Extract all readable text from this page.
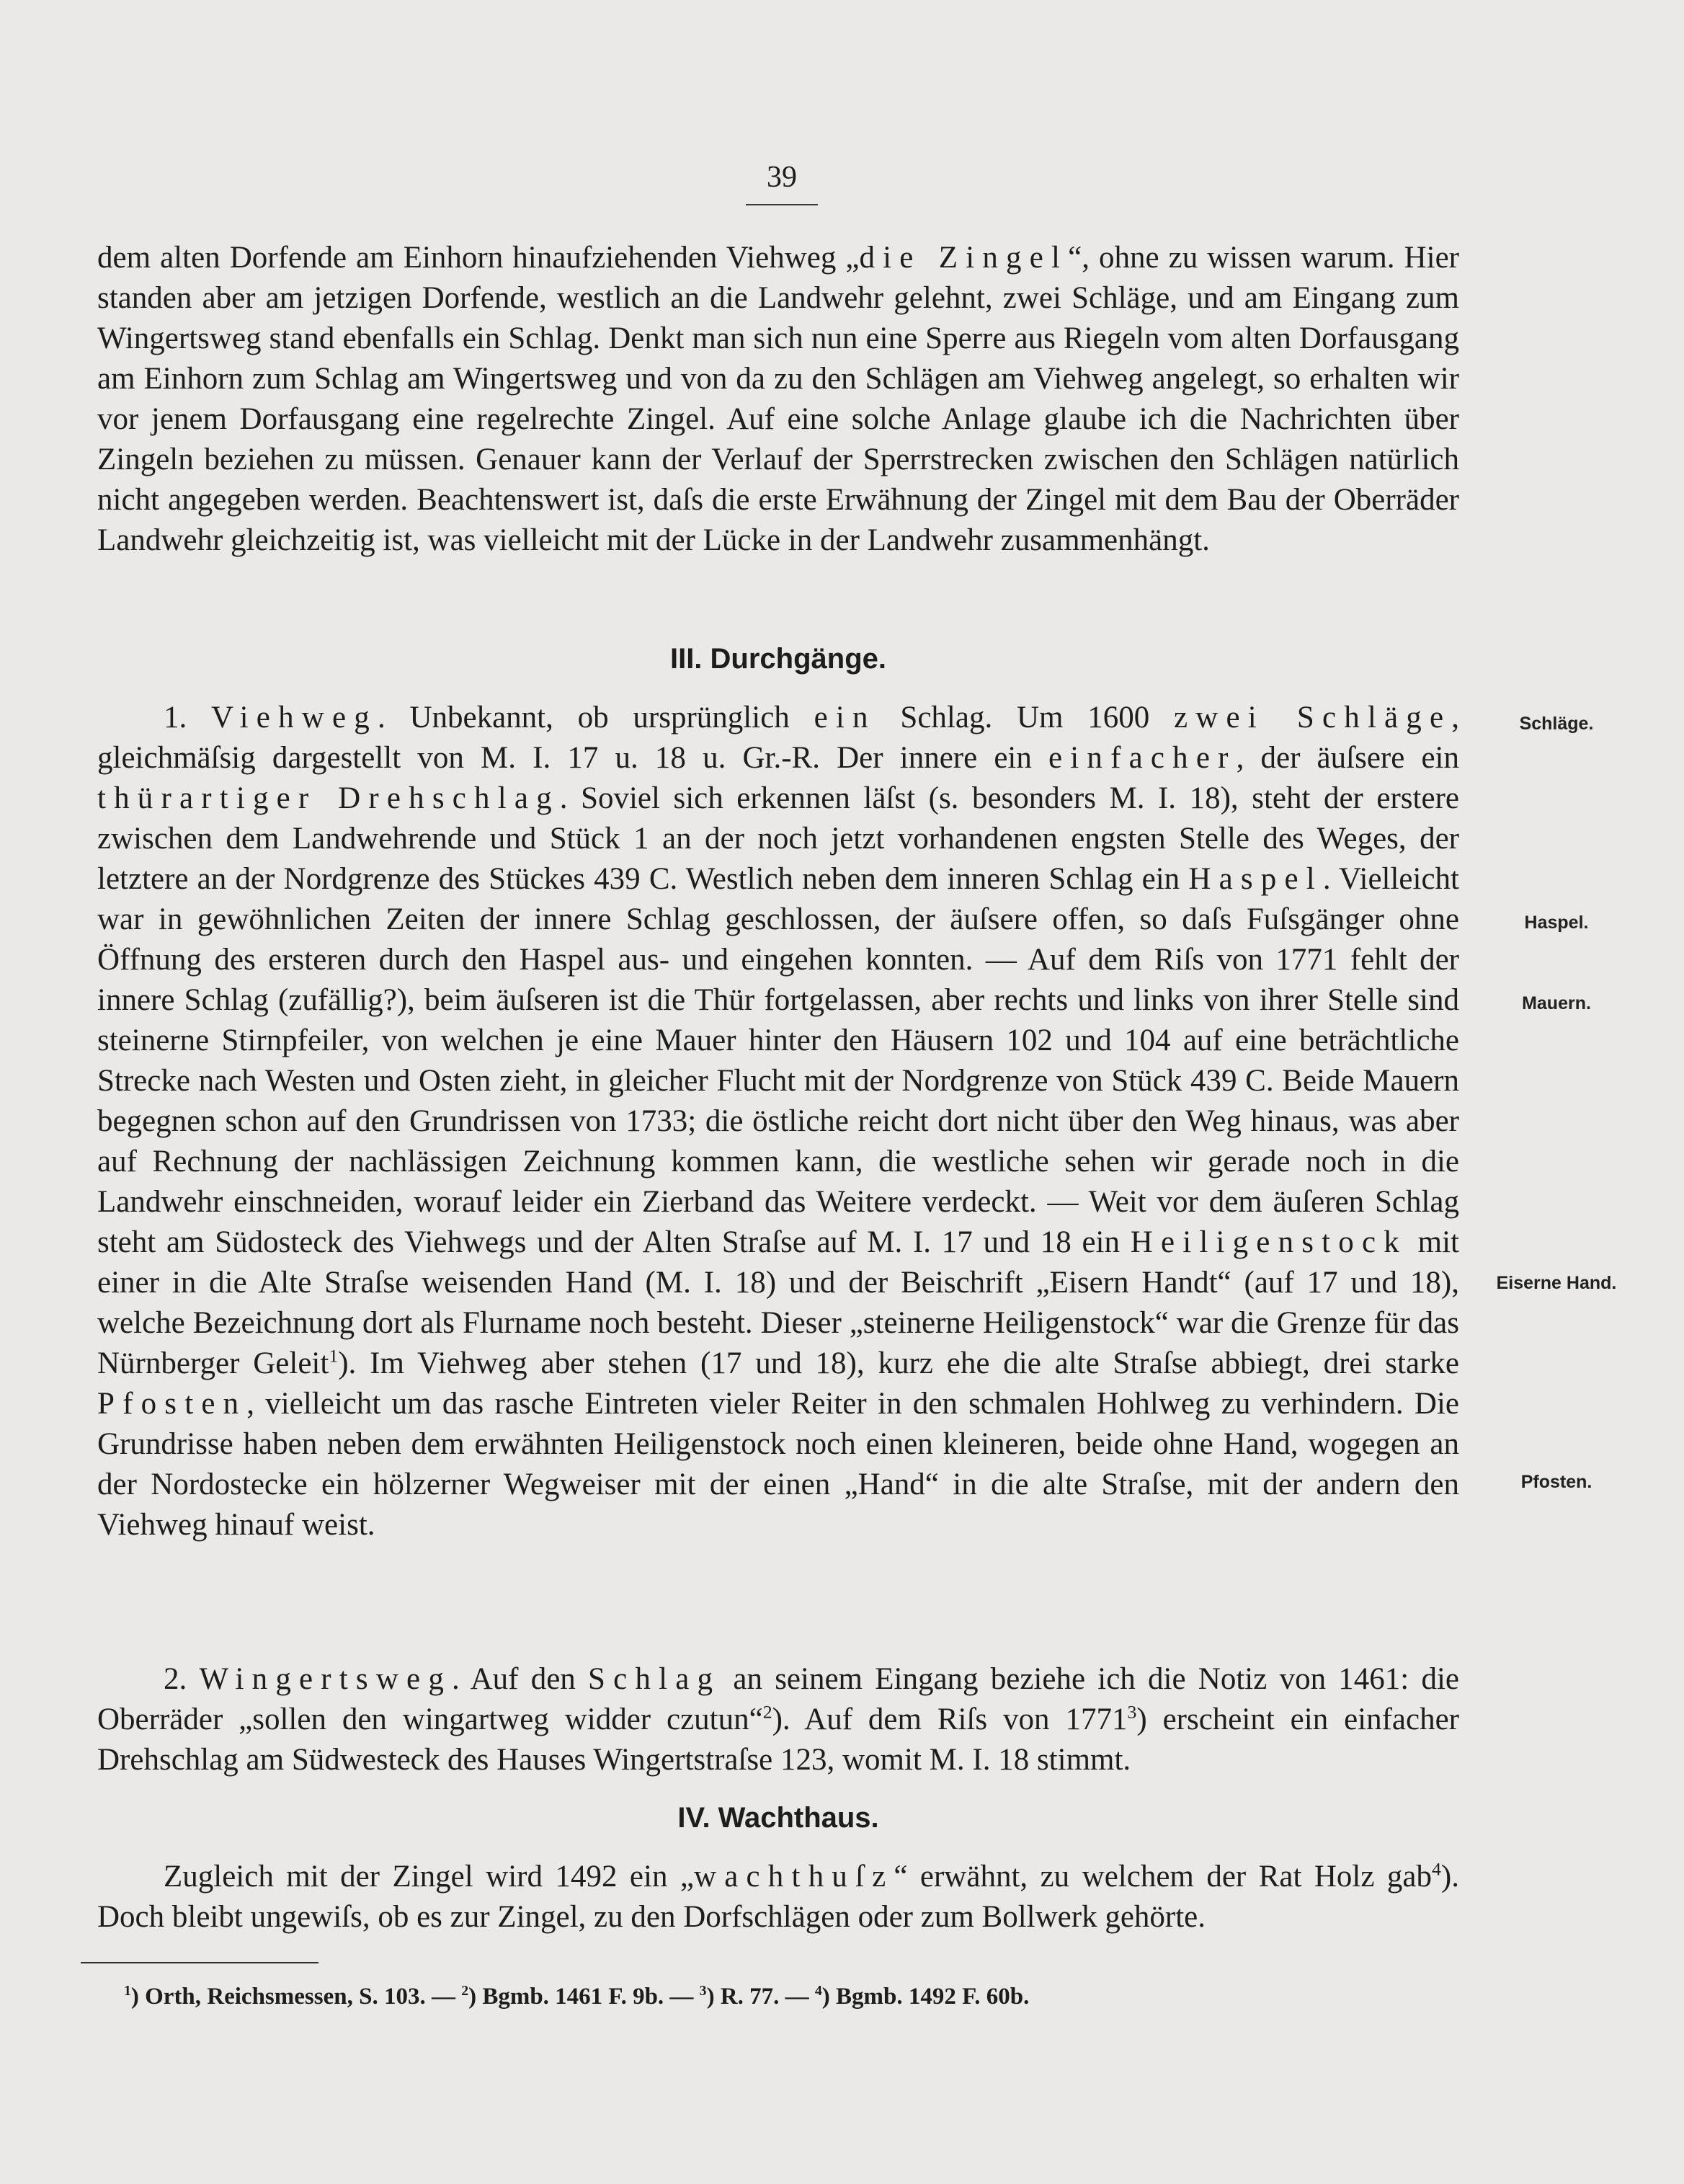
39

dem alten Dorfende am Einhorn hinaufziehenden Viehweg „die Zingel“, ohne zu wissen warum. Hier standen aber am jetzigen Dorfende, westlich an die Landwehr gelehnt, zwei Schläge, und am Eingang zum Wingertsweg stand ebenfalls ein Schlag. Denkt man sich nun eine Sperre aus Riegeln vom alten Dorfausgang am Einhorn zum Schlag am Wingertsweg und von da zu den Schlägen am Viehweg angelegt, so erhalten wir vor jenem Dorfausgang eine regelrechte Zingel. Auf eine solche Anlage glaube ich die Nachrichten über Zingeln beziehen zu müssen. Genauer kann der Verlauf der Sperrstrecken zwischen den Schlägen natürlich nicht angegeben werden. Beachtenswert ist, daſs die erste Erwähnung der Zingel mit dem Bau der Oberräder Landwehr gleichzeitig ist, was vielleicht mit der Lücke in der Landwehr zusammenhängt.

III. Durchgänge.

1. Viehweg. Unbekannt, ob ursprünglich ein Schlag. Um 1600 zwei Schläge, gleichmäſsig dargestellt von M. I. 17 u. 18 u. Gr.-R. Der innere ein einfacher, der äuſsere ein thürartiger Drehschlag. Soviel sich erkennen läſst (s. besonders M. I. 18), steht der erstere zwischen dem Landwehrende und Stück 1 an der noch jetzt vorhandenen engsten Stelle des Weges, der letztere an der Nordgrenze des Stückes 439 C. Westlich neben dem inneren Schlag ein Haspel. Vielleicht war in gewöhnlichen Zeiten der innere Schlag geschlossen, der äuſsere offen, so daſs Fuſsgänger ohne Öffnung des ersteren durch den Haspel aus- und eingehen konnten. — Auf dem Riſs von 1771 fehlt der innere Schlag (zufällig?), beim äuſseren ist die Thür fortgelassen, aber rechts und links von ihrer Stelle sind steinerne Stirnpfeiler, von welchen je eine Mauer hinter den Häusern 102 und 104 auf eine beträchtliche Strecke nach Westen und Osten zieht, in gleicher Flucht mit der Nordgrenze von Stück 439 C. Beide Mauern begegnen schon auf den Grundrissen von 1733; die östliche reicht dort nicht über den Weg hinaus, was aber auf Rechnung der nachlässigen Zeichnung kommen kann, die westliche sehen wir gerade noch in die Landwehr einschneiden, worauf leider ein Zierband das Weitere verdeckt. — Weit vor dem äuſeren Schlag steht am Südosteck des Viehwegs und der Alten Straſse auf M. I. 17 und 18 ein Heiligenstock mit einer in die Alte Straſse weisenden Hand (M. I. 18) und der Beischrift „Eisern Handt“ (auf 17 und 18), welche Bezeichnung dort als Flurname noch besteht. Dieser „steinerne Heiligenstock“ war die Grenze für das Nürnberger Geleit$^1$). Im Viehweg aber stehen (17 und 18), kurz ehe die alte Straſse abbiegt, drei starke Pfosten, vielleicht um das rasche Eintreten vieler Reiter in den schmalen Hohlweg zu verhindern. Die Grundrisse haben neben dem erwähnten Heiligenstock noch einen kleineren, beide ohne Hand, wogegen an der Nordostecke ein hölzerner Wegweiser mit der einen „Hand“ in die alte Straſse, mit der andern den Viehweg hinauf weist.

2. Wingertsweg. Auf den Schlag an seinem Eingang beziehe ich die Notiz von 1461: die Oberräder „sollen den wingartweg widder czutun“$^2$). Auf dem Riſs von 1771$^3$) erscheint ein einfacher Drehschlag am Südwesteck des Hauses Wingertstraſse 123, womit M. I. 18 stimmt.

IV. Wachthaus.

Zugleich mit der Zingel wird 1492 ein „wachthuſz“ erwähnt, zu welchem der Rat Holz gab$^4$). Doch bleibt ungewiſs, ob es zur Zingel, zu den Dorfschlägen oder zum Bollwerk gehörte.

Schläge.
Haspel.
Mauern.
Eiserne Hand.
Pfosten.
$^1$) Orth, Reichsmessen, S. 103. — $^2$) Bgmb. 1461 F. 9b. — $^3$) R. 77. — $^4$) Bgmb. 1492 F. 60b.
